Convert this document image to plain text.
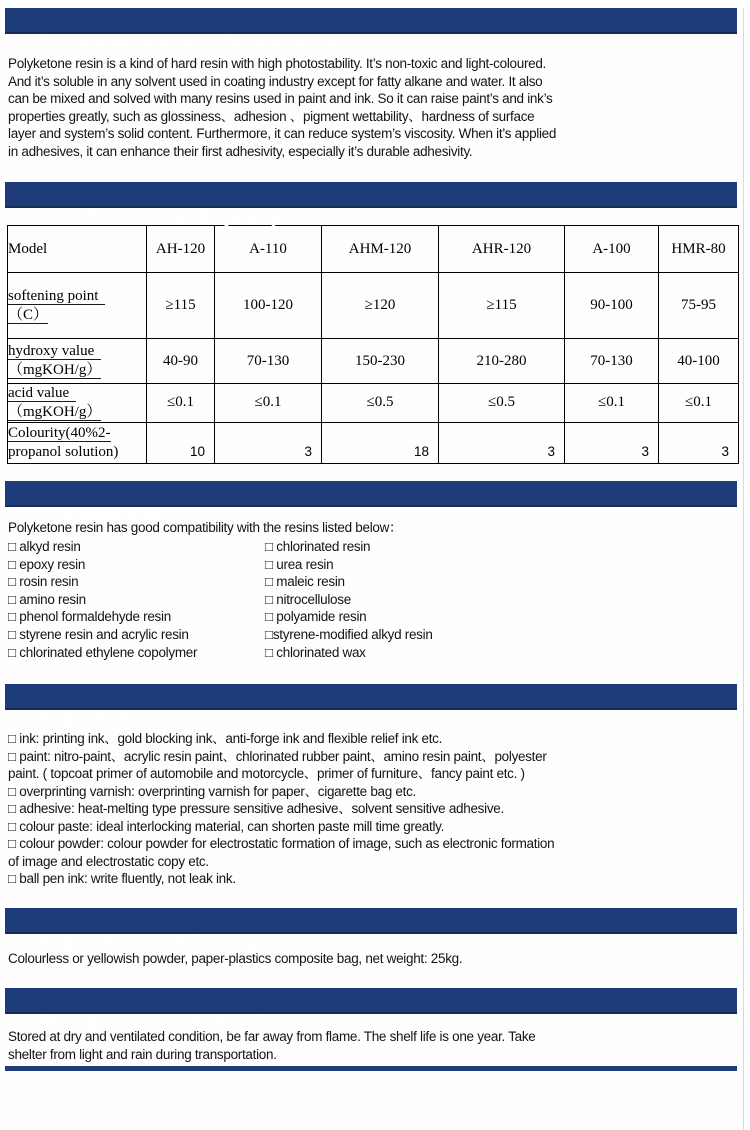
Polyketone Resin  Charateristics

Polyketone resin is a kind of hard resin with high photostability. It’s non-toxic and light-coloured. And it’s soluble in any solvent used in coating industry except for fatty alkane and water. It also can be mixed and solved with many resins used in paint and ink. So it can raise paint’s and ink’s properties greatly, such as glossiness、adhesion 、pigment wettability、hardness of surface layer and system’s solid content. Furthermore, it can reduce system’s viscosity. When it’s applied in adhesives, it can enhance their first adhesivity, especially it’s durable adhesivity.

Main Products and Quality:

Model	AH-120	A-110	AHM-120	AHR-120	A-100	HMR-80
softening point
（C）	≥115	100-120	≥120	≥115	90-100	75-95
hydroxy value
（mgKOH/g）	40-90	70-130	150-230	210-280	70-130	40-100
acid value
（mgKOH/g）	≤0.1	≤0.1	≤0.5	≤0.5	≤0.1	≤0.1
Colourity(40%2-
propanol solution)	10	3	18	3	3	3

Compatibility

Polyketone resin has good compatibility with the resins listed below：

□ alkyd resin
□ epoxy resin
□ rosin resin
□ amino resin
□ phenol formaldehyde resin
□ styrene resin and acrylic resin
□ chlorinated ethylene copolymer
□ chlorinated resin
□ urea resin
□ maleic resin
□ nitrocellulose
□ polyamide resin
□styrene-modified alkyd resin
□ chlorinated wax

Application:

□ ink: printing ink、gold blocking ink、anti-forge ink and flexible relief ink etc.

□ paint: nitro-paint、acrylic resin paint、chlorinated rubber paint、amino resin paint、polyester paint. ( topcoat primer of automobile and motorcycle、primer of furniture、fancy paint etc. )

□ overprinting varnish: overprinting varnish for paper、cigarette bag etc.

□ adhesive: heat-melting type pressure sensitive adhesive、solvent sensitive adhesive.

□ colour paste: ideal interlocking material, can shorten paste mill time greatly.

□ colour powder: colour powder for electrostatic formation of image, such as electronic formation of image and electrostatic copy etc.

□ ball pen ink: write fluently, not leak ink.

Appearance and Package

Colourless or yellowish powder, paper-plastics composite bag, net weight: 25kg.

Storage and transportation

Stored at dry and ventilated condition, be far away from flame. The shelf life is one year. Take shelter from light and rain during transportation.
